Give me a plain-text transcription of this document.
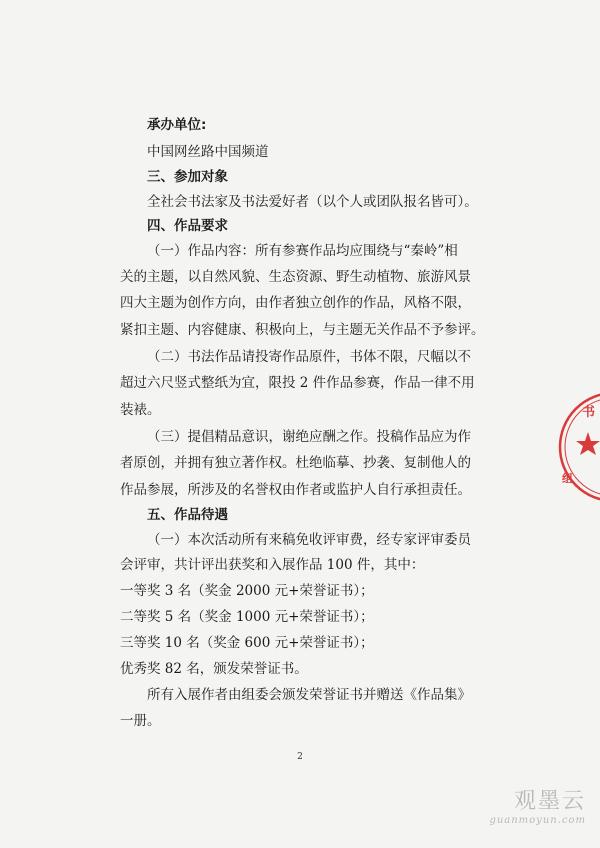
承办单位:
中国网丝路中国频道
三、参加对象
全社会书法家及书法爱好者（以个人或团队报名皆可）。
四、作品要求
（一）作品内容：所有参赛作品均应围绕与“秦岭”相
关的主题，以自然风貌、生态资源、野生动植物、旅游风景
四大主题为创作方向，由作者独立创作的作品，风格不限，
紧扣主题、内容健康、积极向上，与主题无关作品不予参评。
（二）书法作品请投寄作品原件，书体不限，尺幅以不
超过六尺竖式整纸为宜，限投 2 件作品参赛，作品一律不用
装裱。
（三）提倡精品意识，谢绝应酬之作。投稿作品应为作
者原创，并拥有独立著作权。杜绝临摹、抄袭、复制他人的
作品参展，所涉及的名誉权由作者或监护人自行承担责任。
五、作品待遇
（一）本次活动所有来稿免收评审费，经专家评审委员
会评审，共计评出获奖和入展作品 100 件，其中：
一等奖 3 名（奖金 2000 元+荣誉证书）；
二等奖 5 名（奖金 1000 元+荣誉证书）；
三等奖 10 名（奖金 600 元+荣誉证书）；
优秀奖 82 名，颁发荣誉证书。
所有入展作者由组委会颁发荣誉证书并赠送《作品集》
一册。
2
书
组
观墨云
guanmoyun.com
